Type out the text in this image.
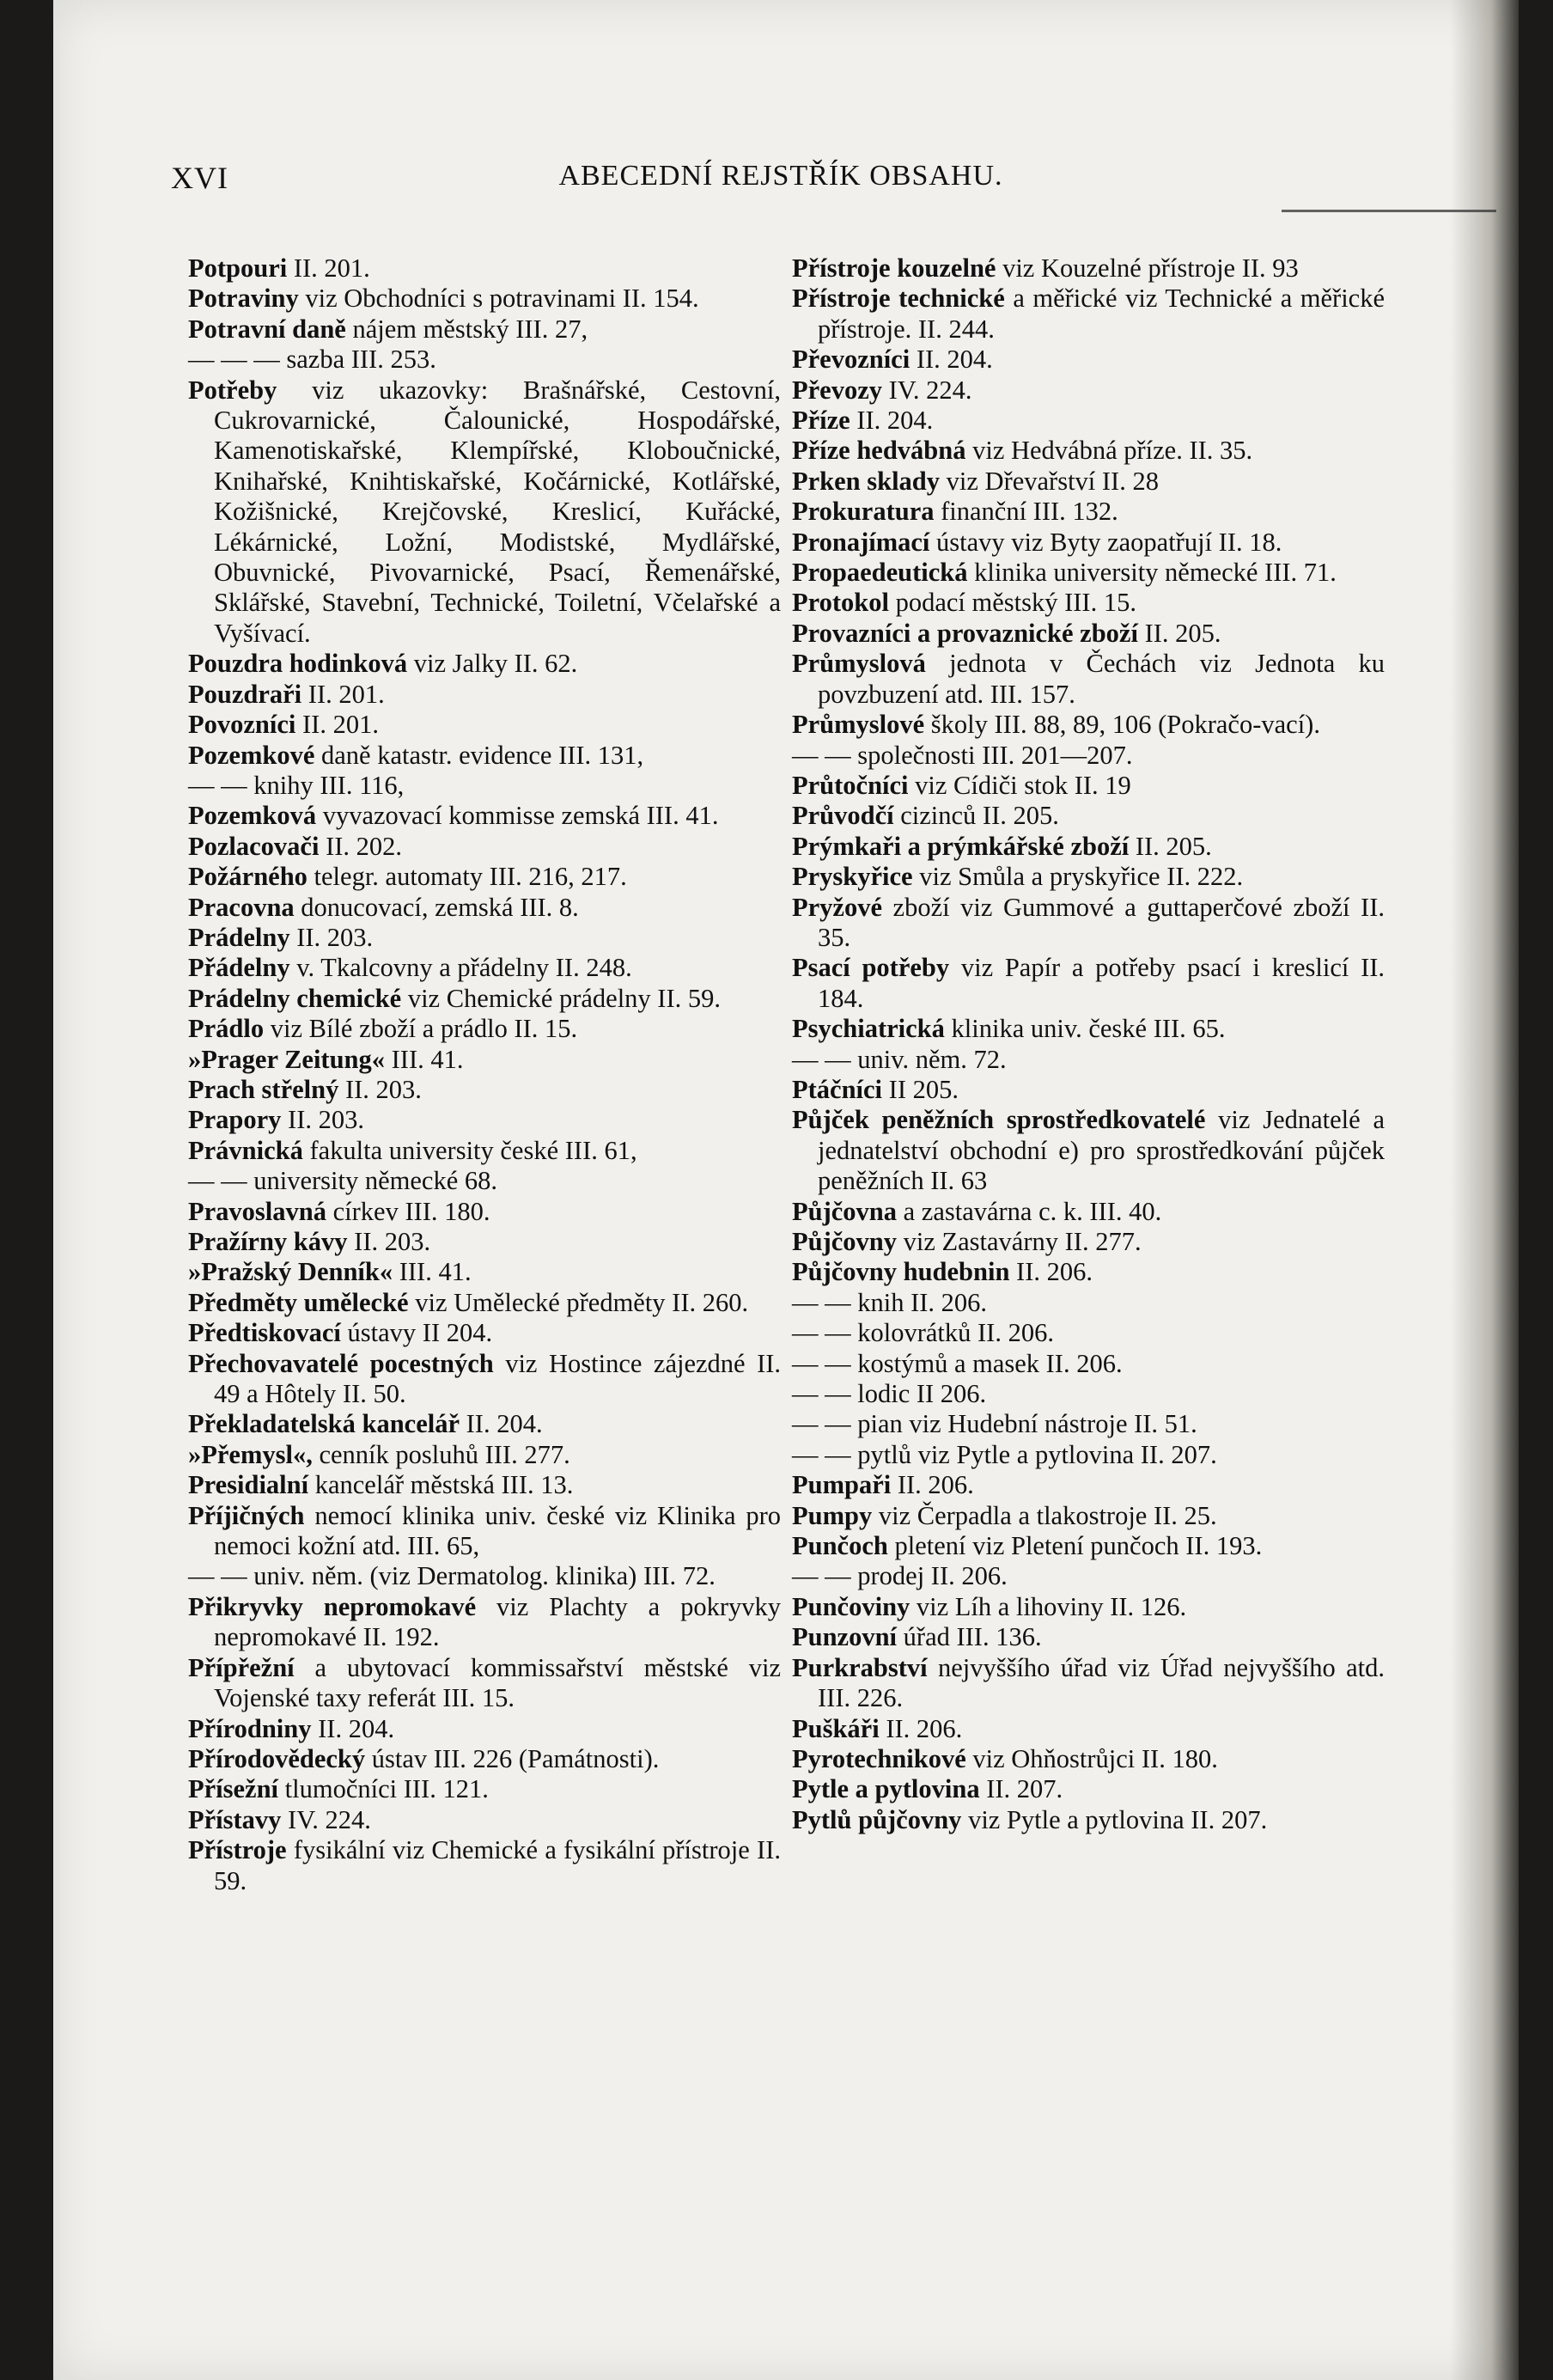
XVI	ABECEDNÍ REJSTŘÍK OBSAHU.
Potpouri II. 201.
Potraviny viz Obchodníci s potravinami II. 154.
Potravní daně nájem městský III. 27,
— — — sazba III. 253.
Potřeby viz ukazovky: Brašnářské, Cestovní, Cukrovarnické, Čalounické, Hospodářské, Kamenotiskařské, Klempířské, Kloboučnické, Knihařské, Knihtiskařské, Kočárnické, Kotlářské, Kožišnické, Krejčovské, Kreslicí, Kuřácké, Lékárnické, Ložní, Modistské, Mydlářské, Obuvnické, Pivovarnické, Psací, Řemenářské, Sklářské, Stavební, Technické, Toiletní, Včelařské a Vyšívací.
Pouzdra hodinková viz Jalky II. 62.
Pouzdraři II. 201.
Povozníci II. 201.
Pozemkové daně katastr. evidence III. 131,
— — knihy III. 116,
Pozemková vyvazovací kommisse zemská III. 41.
Pozlacovači II. 202.
Požárného telegr. automaty III. 216, 217.
Pracovna donucovací, zemská III. 8.
Prádelny II. 203.
Přádelny v. Tkalcovny a přádelny II. 248.
Prádelny chemické viz Chemické prádelny II. 59.
Prádlo viz Bílé zboží a prádlo II. 15.
»Prager Zeitung« III. 41.
Prach střelný II. 203.
Prapory II. 203.
Právnická fakulta university české III. 61,
— — university německé 68.
Pravoslavná církev III. 180.
Pražírny kávy II. 203.
»Pražský Denník« III. 41.
Předměty umělecké viz Umělecké předměty II. 260.
Předtiskovací ústavy II 204.
Přechovavatelé pocestných viz Hostince zájezdné II. 49 a Hôtely II. 50.
Překladatelská kancelář II. 204.
»Přemysl«, cenník posluhů III. 277.
Presidialní kancelář městská III. 13.
Příjičných nemocí klinika univ. české viz Klinika pro nemoci kožní atd. III. 65,
— — univ. něm. (viz Dermatolog. klinika) III. 72.
Přikryvky nepromokavé viz Plachty a pokryvky nepromokavé II. 192.
Přípřežní a ubytovací kommissařství městské viz Vojenské taxy referát III. 15.
Přírodniny II. 204.
Přírodovědecký ústav III. 226 (Památnosti).
Přísežní tlumočníci III. 121.
Přístavy IV. 224.
Přístroje fysikální viz Chemické a fysikální přístroje II. 59.
Přístroje kouzelné viz Kouzelné přístroje II. 93
Přístroje technické a měřické viz Technické a měřické přístroje. II. 244.
Převozníci II. 204.
Převozy IV. 224.
Příze II. 204.
Příze hedvábná viz Hedvábná příze. II. 35.
Prken sklady viz Dřevařství II. 28
Prokuratura finanční III. 132.
Pronajímací ústavy viz Byty zaopatřují II. 18.
Propaedeutická klinika university německé III. 71.
Protokol podací městský III. 15.
Provazníci a provaznické zboží II. 205.
Průmyslová jednota v Čechách viz Jednota ku povzbuzení atd. III. 157.
Průmyslové školy III. 88, 89, 106 (Pokračo-vací).
— — společnosti III. 201—207.
Průtočníci viz Cídiči stok II. 19
Průvodčí cizinců II. 205.
Prýmkaři a prýmkářské zboží II. 205.
Pryskyřice viz Smůla a pryskyřice II. 222.
Pryžové zboží viz Gummové a guttaperčové zboží II. 35.
Psací potřeby viz Papír a potřeby psací i kreslicí II. 184.
Psychiatrická klinika univ. české III. 65.
— — univ. něm. 72.
Ptáčníci II 205.
Půjček peněžních sprostředkovatelé viz Jednatelé a jednatelství obchodní e) pro sprostředkování půjček peněžních II. 63
Půjčovna a zastavárna c. k. III. 40.
Půjčovny viz Zastavárny II. 277.
Půjčovny hudebnin II. 206.
— — knih II. 206.
— — kolovrátků II. 206.
— — kostýmů a masek II. 206.
— — lodic II 206.
— — pian viz Hudební nástroje II. 51.
— — pytlů viz Pytle a pytlovina II. 207.
Pumpaři II. 206.
Pumpy viz Čerpadla a tlakostroje II. 25.
Punčoch pletení viz Pletení punčoch II. 193.
— — prodej II. 206.
Punčoviny viz Líh a lihoviny II. 126.
Punzovní úřad III. 136.
Purkrabství nejvyššího úřad viz Úřad nejvyššího atd. III. 226.
Puškáři II. 206.
Pyrotechnikové viz Ohňostrůjci II. 180.
Pytle a pytlovina II. 207.
Pytlů půjčovny viz Pytle a pytlovina II. 207.
